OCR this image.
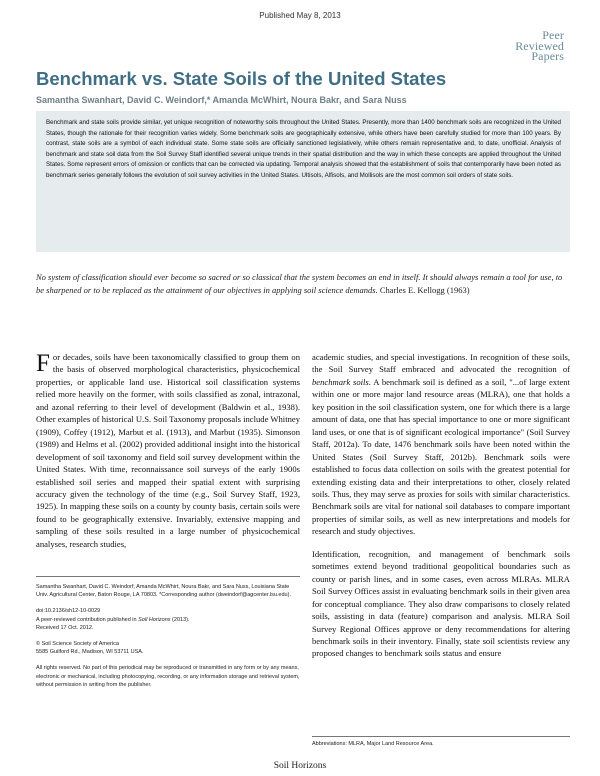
Published May 8, 2013
Peer
Reviewed
Papers
Benchmark vs. State Soils of the United States
Samantha Swanhart, David C. Weindorf,* Amanda McWhirt, Noura Bakr, and Sara Nuss
Benchmark and state soils provide similar, yet unique recognition of noteworthy soils throughout the United States. Presently, more than 1400 benchmark soils are recognized in the United States, though the rationale for their recognition varies widely. Some benchmark soils are geographically extensive, while others have been carefully studied for more than 100 years. By contrast, state soils are a symbol of each individual state. Some state soils are officially sanctioned legislatively, while others remain representative and, to date, unofficial. Analysis of benchmark and state soil data from the Soil Survey Staff identified several unique trends in their spatial distribution and the way in which these concepts are applied throughout the United States. Some represent errors of omission or conflicts that can be corrected via updating. Temporal analysis showed that the establishment of soils that contemporarily have been noted as benchmark series generally follows the evolution of soil survey activities in the United States. Ultisols, Alfisols, and Mollisols are the most common soil orders of state soils.
No system of classification should ever become so sacred or so classical that the system becomes an end in itself. It should always remain a tool for use, to be sharpened or to be replaced as the attainment of our objectives in applying soil science demands. Charles E. Kellogg (1963)

For decades, soils have been taxonomically classified to group them on the basis of observed morphological characteristics, physicochemical properties, or applicable land use. Historical soil classification systems relied more heavily on the former, with soils classified as zonal, intrazonal, and azonal referring to their level of development (Baldwin et al., 1938). Other examples of historical U.S. Soil Taxonomy proposals include Whitney (1909), Coffey (1912), Marbut et al. (1913), and Marbut (1935). Simonson (1989) and Helms et al. (2002) provided additional insight into the historical development of soil taxonomy and field soil survey development within the United States. With time, reconnaissance soil surveys of the early 1900s established soil series and mapped their spatial extent with surprising accuracy given the technology of the time (e.g., Soil Survey Staff, 1923, 1925). In mapping these soils on a county by county basis, certain soils were found to be geographically extensive. Invariably, extensive mapping and sampling of these soils resulted in a large number of physicochemical analyses, research studies,

academic studies, and special investigations. In recognition of these soils, the Soil Survey Staff embraced and advocated the recognition of benchmark soils. A benchmark soil is defined as a soil, "...of large extent within one or more major land resource areas (MLRA), one that holds a key position in the soil classification system, one for which there is a large amount of data, one that has special importance to one or more significant land uses, or one that is of significant ecological importance" (Soil Survey Staff, 2012a). To date, 1476 benchmark soils have been noted within the United States (Soil Survey Staff, 2012b). Benchmark soils were established to focus data collection on soils with the greatest potential for extending existing data and their interpretations to other, closely related soils. Thus, they may serve as proxies for soils with similar characteristics. Benchmark soils are vital for national soil databases to compare important properties of similar soils, as well as new interpretations and models for research and study objectives.

Identification, recognition, and management of benchmark soils sometimes extend beyond traditional geopolitical boundaries such as county or parish lines, and in some cases, even across MLRAs. MLRA Soil Survey Offices assist in evaluating benchmark soils in their given area for conceptual compliance. They also draw comparisons to closely related soils, assisting in data (feature) comparison and analysis. MLRA Soil Survey Regional Offices approve or deny recommendations for altering benchmark soils in their inventory. Finally, state soil scientists review any proposed changes to benchmark soils status and ensure

Samantha Swanhart, David C. Weindorf, Amanda McWhirt, Noura Bakr, and Sara Nuss, Louisiana State Univ. Agricultural Center, Baton Rouge, LA 70803. *Corresponding author (dweindorf@agcenter.lsu.edu).

doi:10.2136/sh12-10-0029

A peer-reviewed contribution published in Soil Horizons (2013).

Received 17 Oct. 2012.

© Soil Science Society of America

5585 Guilford Rd., Madison, WI 53711 USA.

All rights reserved. No part of this periodical may be reproduced or transmitted in any form or by any means, electronic or mechanical, including photocopying, recording, or any information storage and retrieval system, without permission in writing from the publisher.

Abbreviations: MLRA, Major Land Resource Area.
Soil Horizons
